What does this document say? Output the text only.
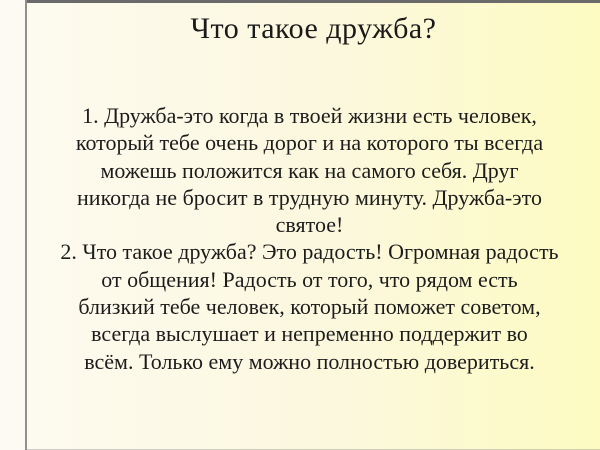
Что такое дружба?
1. Дружба-это когда в твоей жизни есть человек,
который тебе очень дорог и на которого ты всегда
можешь положится как на самого себя. Друг
никогда не бросит в трудную минуту. Дружба-это
святое!
2. Что такое дружба? Это радость! Огромная радость
от общения! Радость от того, что рядом есть
близкий тебе человек, который поможет советом,
всегда выслушает и непременно поддержит во
всём. Только ему можно полностью довериться.
